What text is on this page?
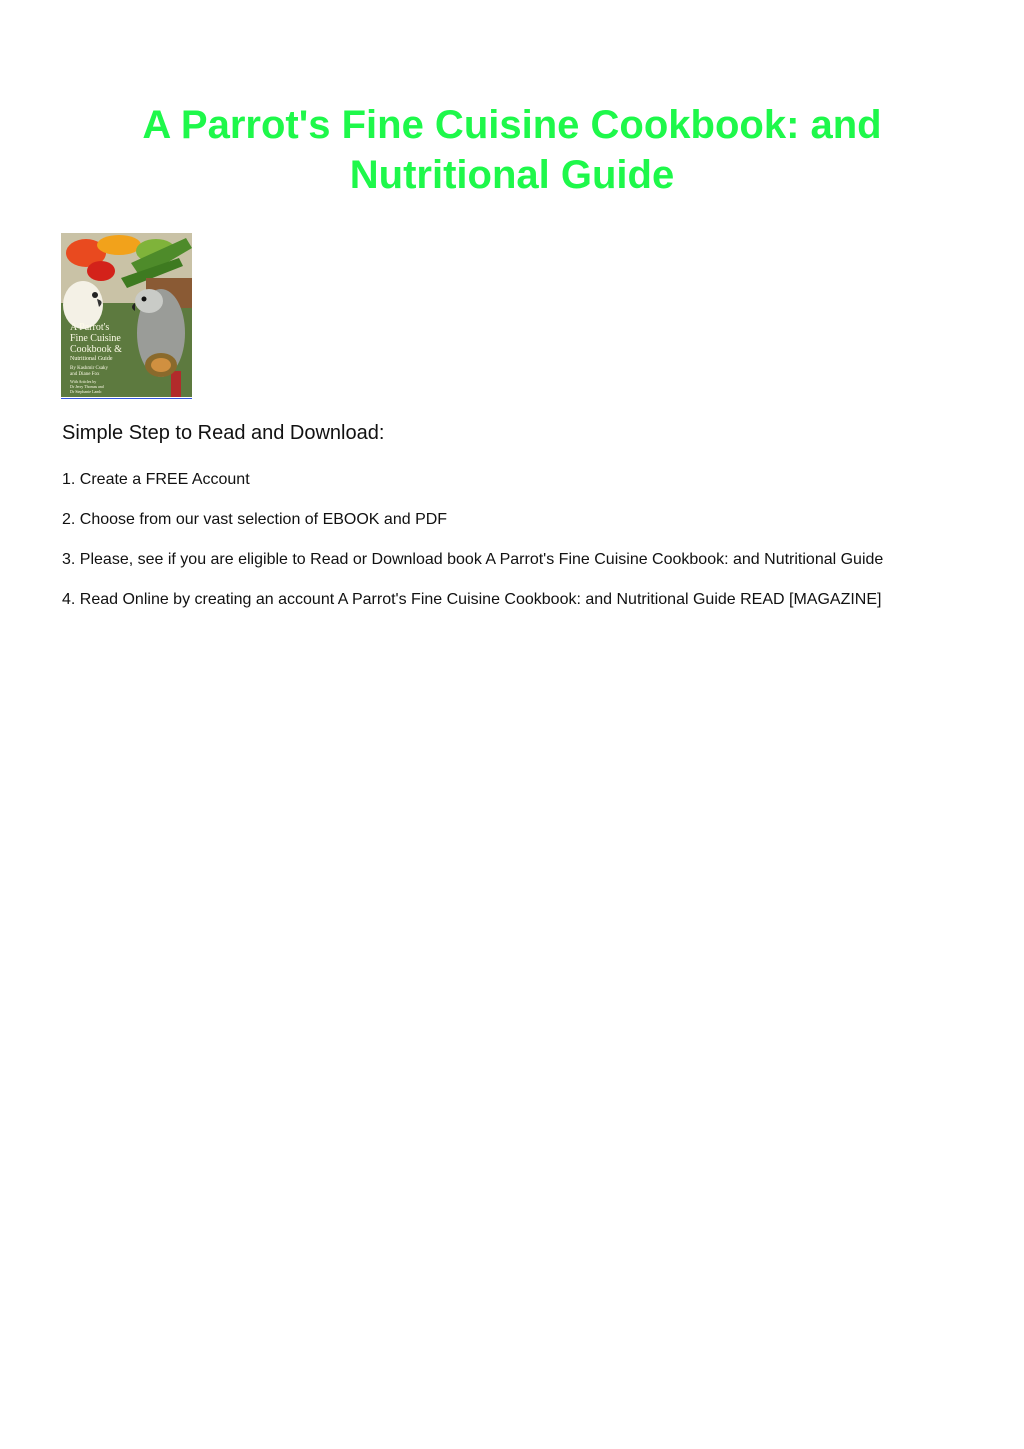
A Parrot's Fine Cuisine Cookbook: and Nutritional Guide
A Parrot's
Fine Cuisine
Cookbook &
Nutritional Guide
By Kashmir Csaky
and Diane Fox
With Articles by
Dr Jerry Thomas and
Dr Stephanie Lamb
Simple Step to Read and Download:

1. Create a FREE Account

2. Choose from our vast selection of EBOOK and PDF

3. Please, see if you are eligible to Read or Download book A Parrot's Fine Cuisine Cookbook: and Nutritional Guide

4. Read Online by creating an account A Parrot's Fine Cuisine Cookbook: and Nutritional Guide READ [MAGAZINE]
